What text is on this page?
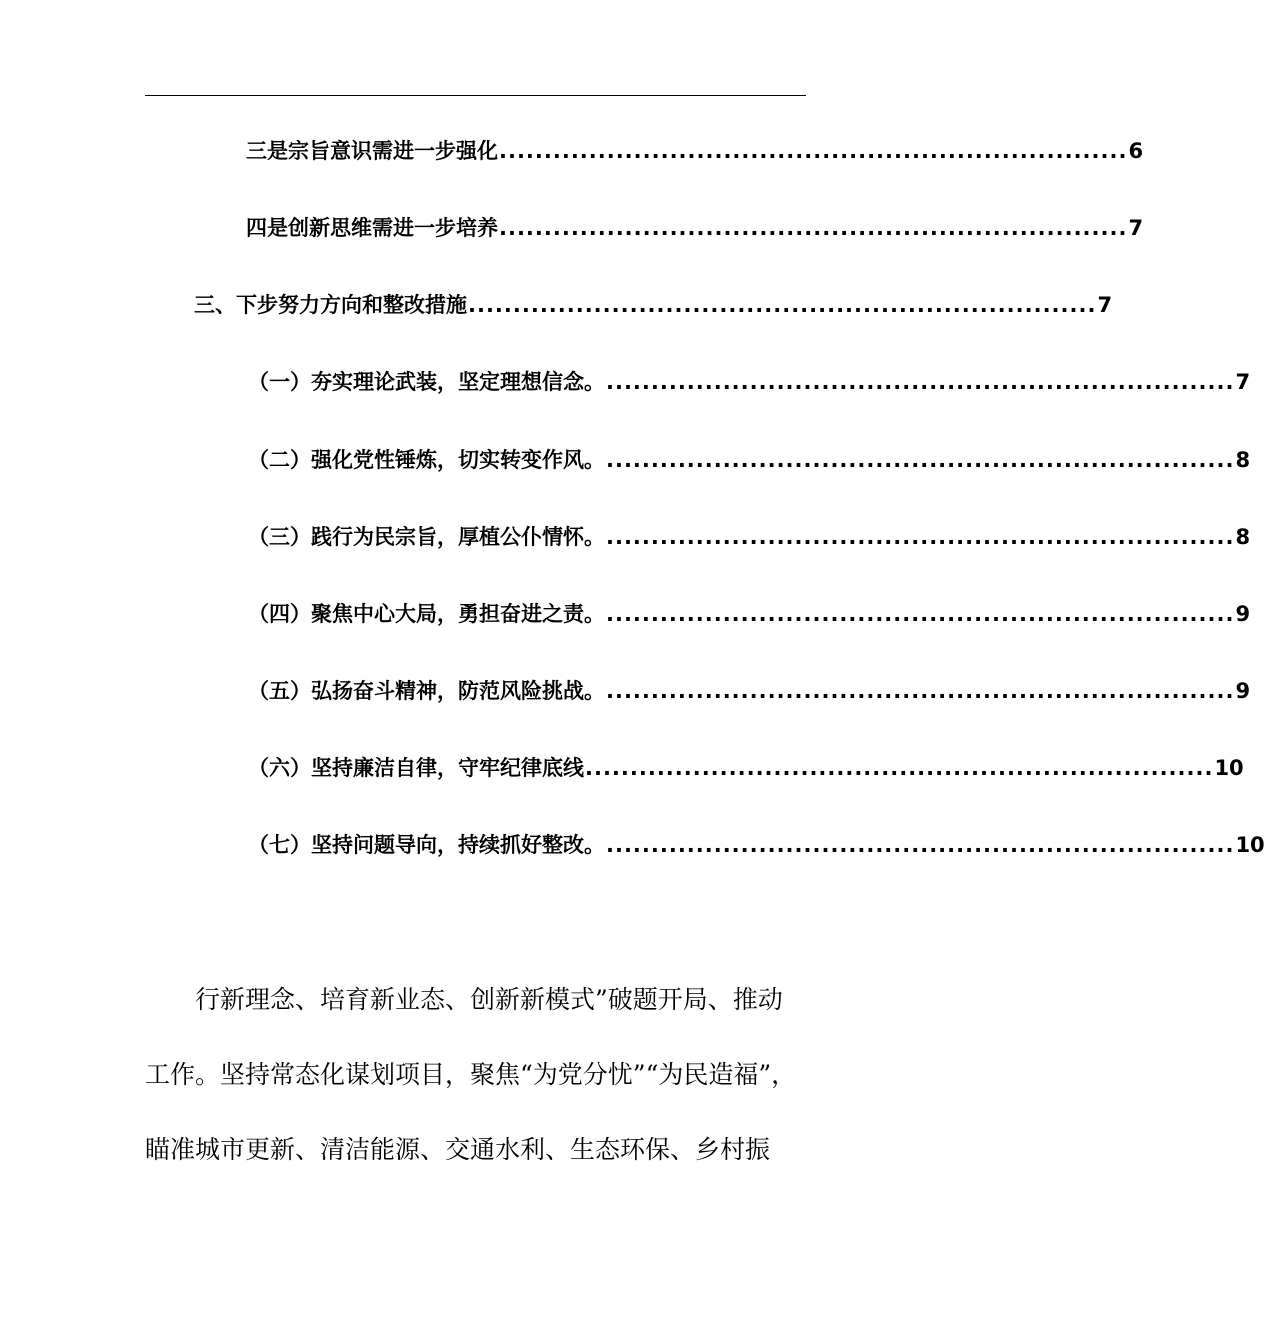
三是宗旨意识需进一步强化 ...................................................................... 6
四是创新思维需进一步培养 ...................................................................... 7
三、下步努力方向和整改措施 ...................................................................... 7
（一）夯实理论武装，坚定理想信念。 ...................................................................... 7
（二）强化党性锤炼，切实转变作风。 ...................................................................... 8
（三）践行为民宗旨，厚植公仆情怀。 ...................................................................... 8
（四）聚焦中心大局，勇担奋进之责。 ...................................................................... 9
（五）弘扬奋斗精神，防范风险挑战。 ...................................................................... 9
（六）坚持廉洁自律，守牢纪律底线 ...................................................................... 10
（七）坚持问题导向，持续抓好整改。 ...................................................................... 10
行新理念、培育新业态、创新新模式”破题开局、推动
工作。坚持常态化谋划项目，聚焦“为党分忧”“为民造福”，
瞄准城市更新、清洁能源、交通水利、生态环保、乡村振
